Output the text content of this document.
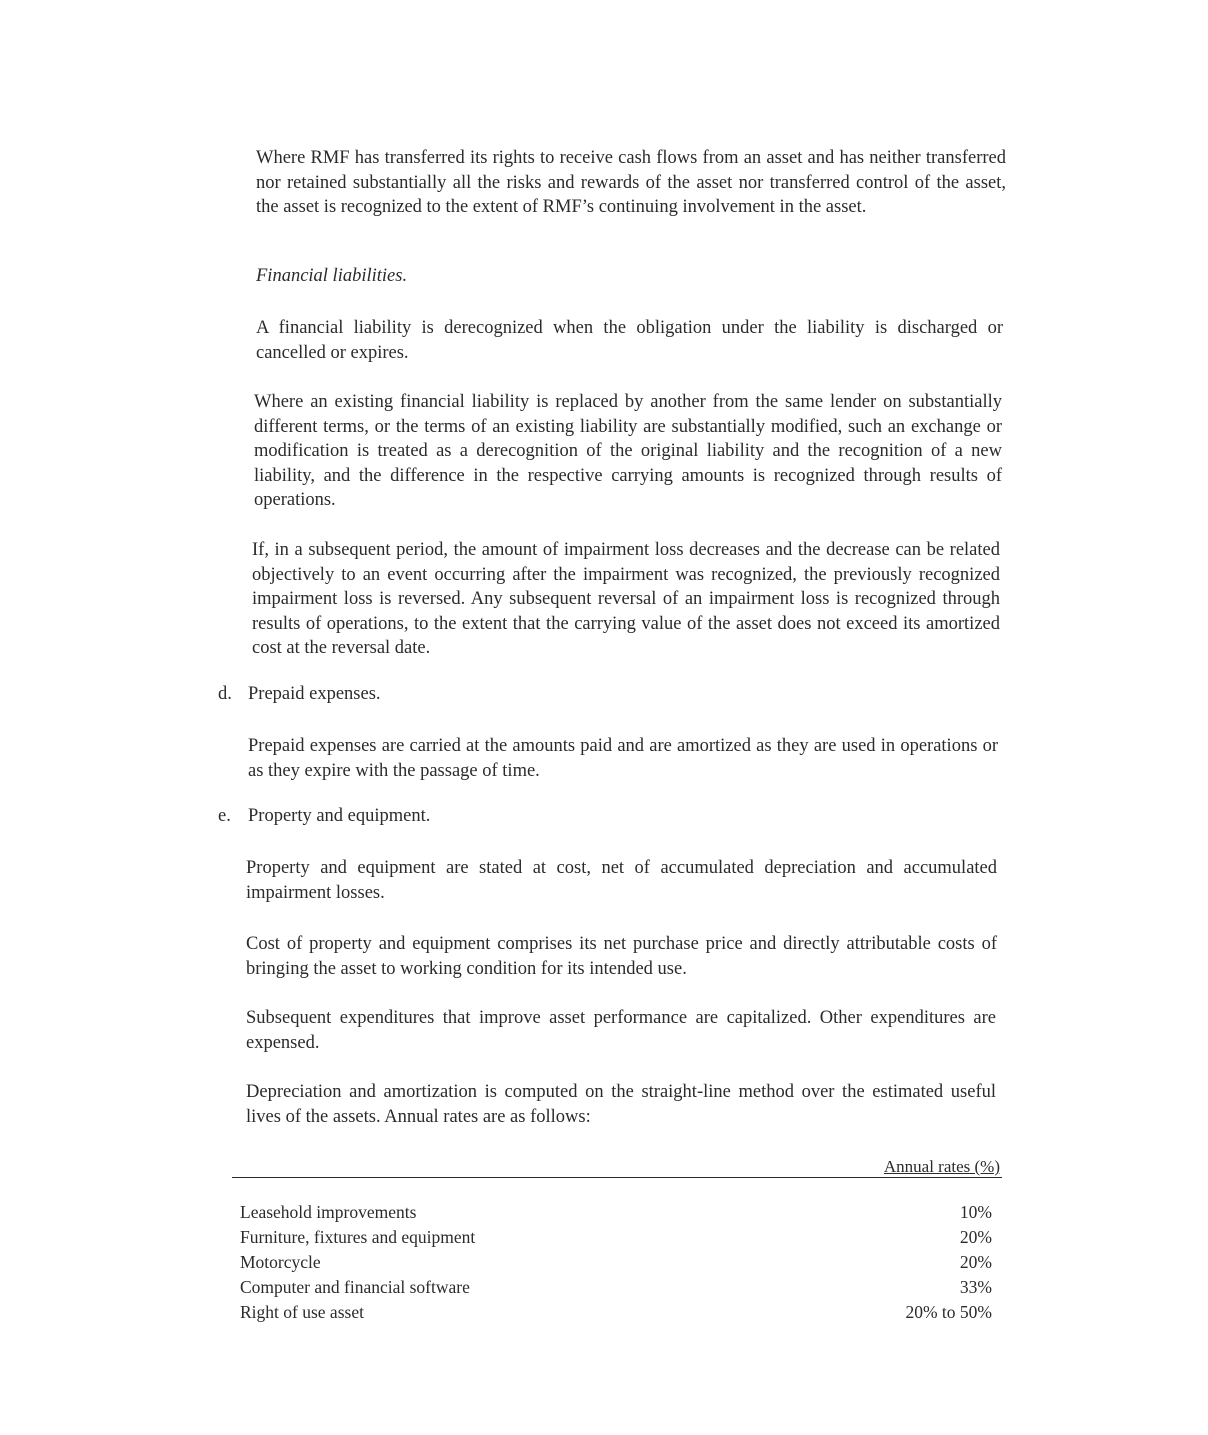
Where RMF has transferred its rights to receive cash flows from an asset and has neither transferred nor retained substantially all the risks and rewards of the asset nor transferred control of the asset, the asset is recognized to the extent of RMF’s continuing involvement in the asset.

Financial liabilities.

A financial liability is derecognized when the obligation under the liability is discharged or cancelled or expires.

Where an existing financial liability is replaced by another from the same lender on substantially different terms, or the terms of an existing liability are substantially modified, such an exchange or modification is treated as a derecognition of the original liability and the recognition of a new liability, and the difference in the respective carrying amounts is recognized through results of operations.

If, in a subsequent period, the amount of impairment loss decreases and the decrease can be related objectively to an event occurring after the impairment was recognized, the previously recognized impairment loss is reversed. Any subsequent reversal of an impairment loss is recognized through results of operations, to the extent that the carrying value of the asset does not exceed its amortized cost at the reversal date.

d. Prepaid expenses.

Prepaid expenses are carried at the amounts paid and are amortized as they are used in operations or as they expire with the passage of time.

e. Property and equipment.

Property and equipment are stated at cost, net of accumulated depreciation and accumulated impairment losses.

Cost of property and equipment comprises its net purchase price and directly attributable costs of bringing the asset to working condition for its intended use.

Subsequent expenditures that improve asset performance are capitalized. Other expenditures are expensed.

Depreciation and amortization is computed on the straight-line method over the estimated useful lives of the assets. Annual rates are as follows:

Annual rates (%)
Leasehold improvements	10%
Furniture, fixtures and equipment	20%
Motorcycle	20%
Computer and financial software	33%
Right of use asset	20% to 50%
